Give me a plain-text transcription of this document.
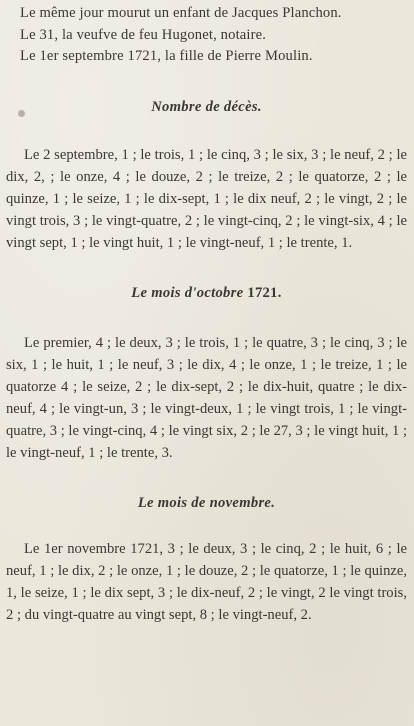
Le même jour mourut un enfant de Jacques Planchon.
Le 31, la veufve de feu Hugonet, notaire.
Le 1er septembre 1721, la fille de Pierre Moulin.
Nombre de décès.

Le 2 septembre, 1 ; le trois, 1 ; le cinq, 3 ; le six, 3 ; le neuf, 2 ; le dix, 2, ; le onze, 4 ; le douze, 2 ; le treize, 2 ; le quatorze, 2 ; le quinze, 1 ; le seize, 1 ; le dix-sept, 1 ; le dix neuf, 2 ; le vingt, 2 ; le vingt trois, 3 ; le vingt-quatre, 2 ; le vingt-cinq, 2 ; le vingt-six, 4 ; le vingt sept, 1 ; le vingt huit, 1 ; le vingt-neuf, 1 ; le trente, 1.

Le mois d'octobre 1721.

Le premier, 4 ; le deux, 3 ; le trois, 1 ; le quatre, 3 ; le cinq, 3 ; le six, 1 ; le huit, 1 ; le neuf, 3 ; le dix, 4 ; le onze, 1 ; le treize, 1 ; le quatorze 4 ; le seize, 2 ; le dix-sept, 2 ; le dix-huit, quatre ; le dix-neuf, 4 ; le vingt-un, 3 ; le vingt-deux, 1 ; le vingt trois, 1 ; le vingt-quatre, 3 ; le vingt-cinq, 4 ; le vingt six, 2 ; le 27, 3 ; le vingt huit, 1 ; le vingt-neuf, 1 ; le trente, 3.

Le mois de novembre.

Le 1er novembre 1721, 3 ; le deux, 3 ; le cinq, 2 ; le huit, 6 ; le neuf, 1 ; le dix, 2 ; le onze, 1 ; le douze, 2 ; le quatorze, 1 ; le quinze, 1, le seize, 1 ; le dix sept, 3 ; le dix-neuf, 2 ; le vingt, 2 le vingt trois, 2 ; du vingt-quatre au vingt sept, 8 ; le vingt-neuf, 2.
